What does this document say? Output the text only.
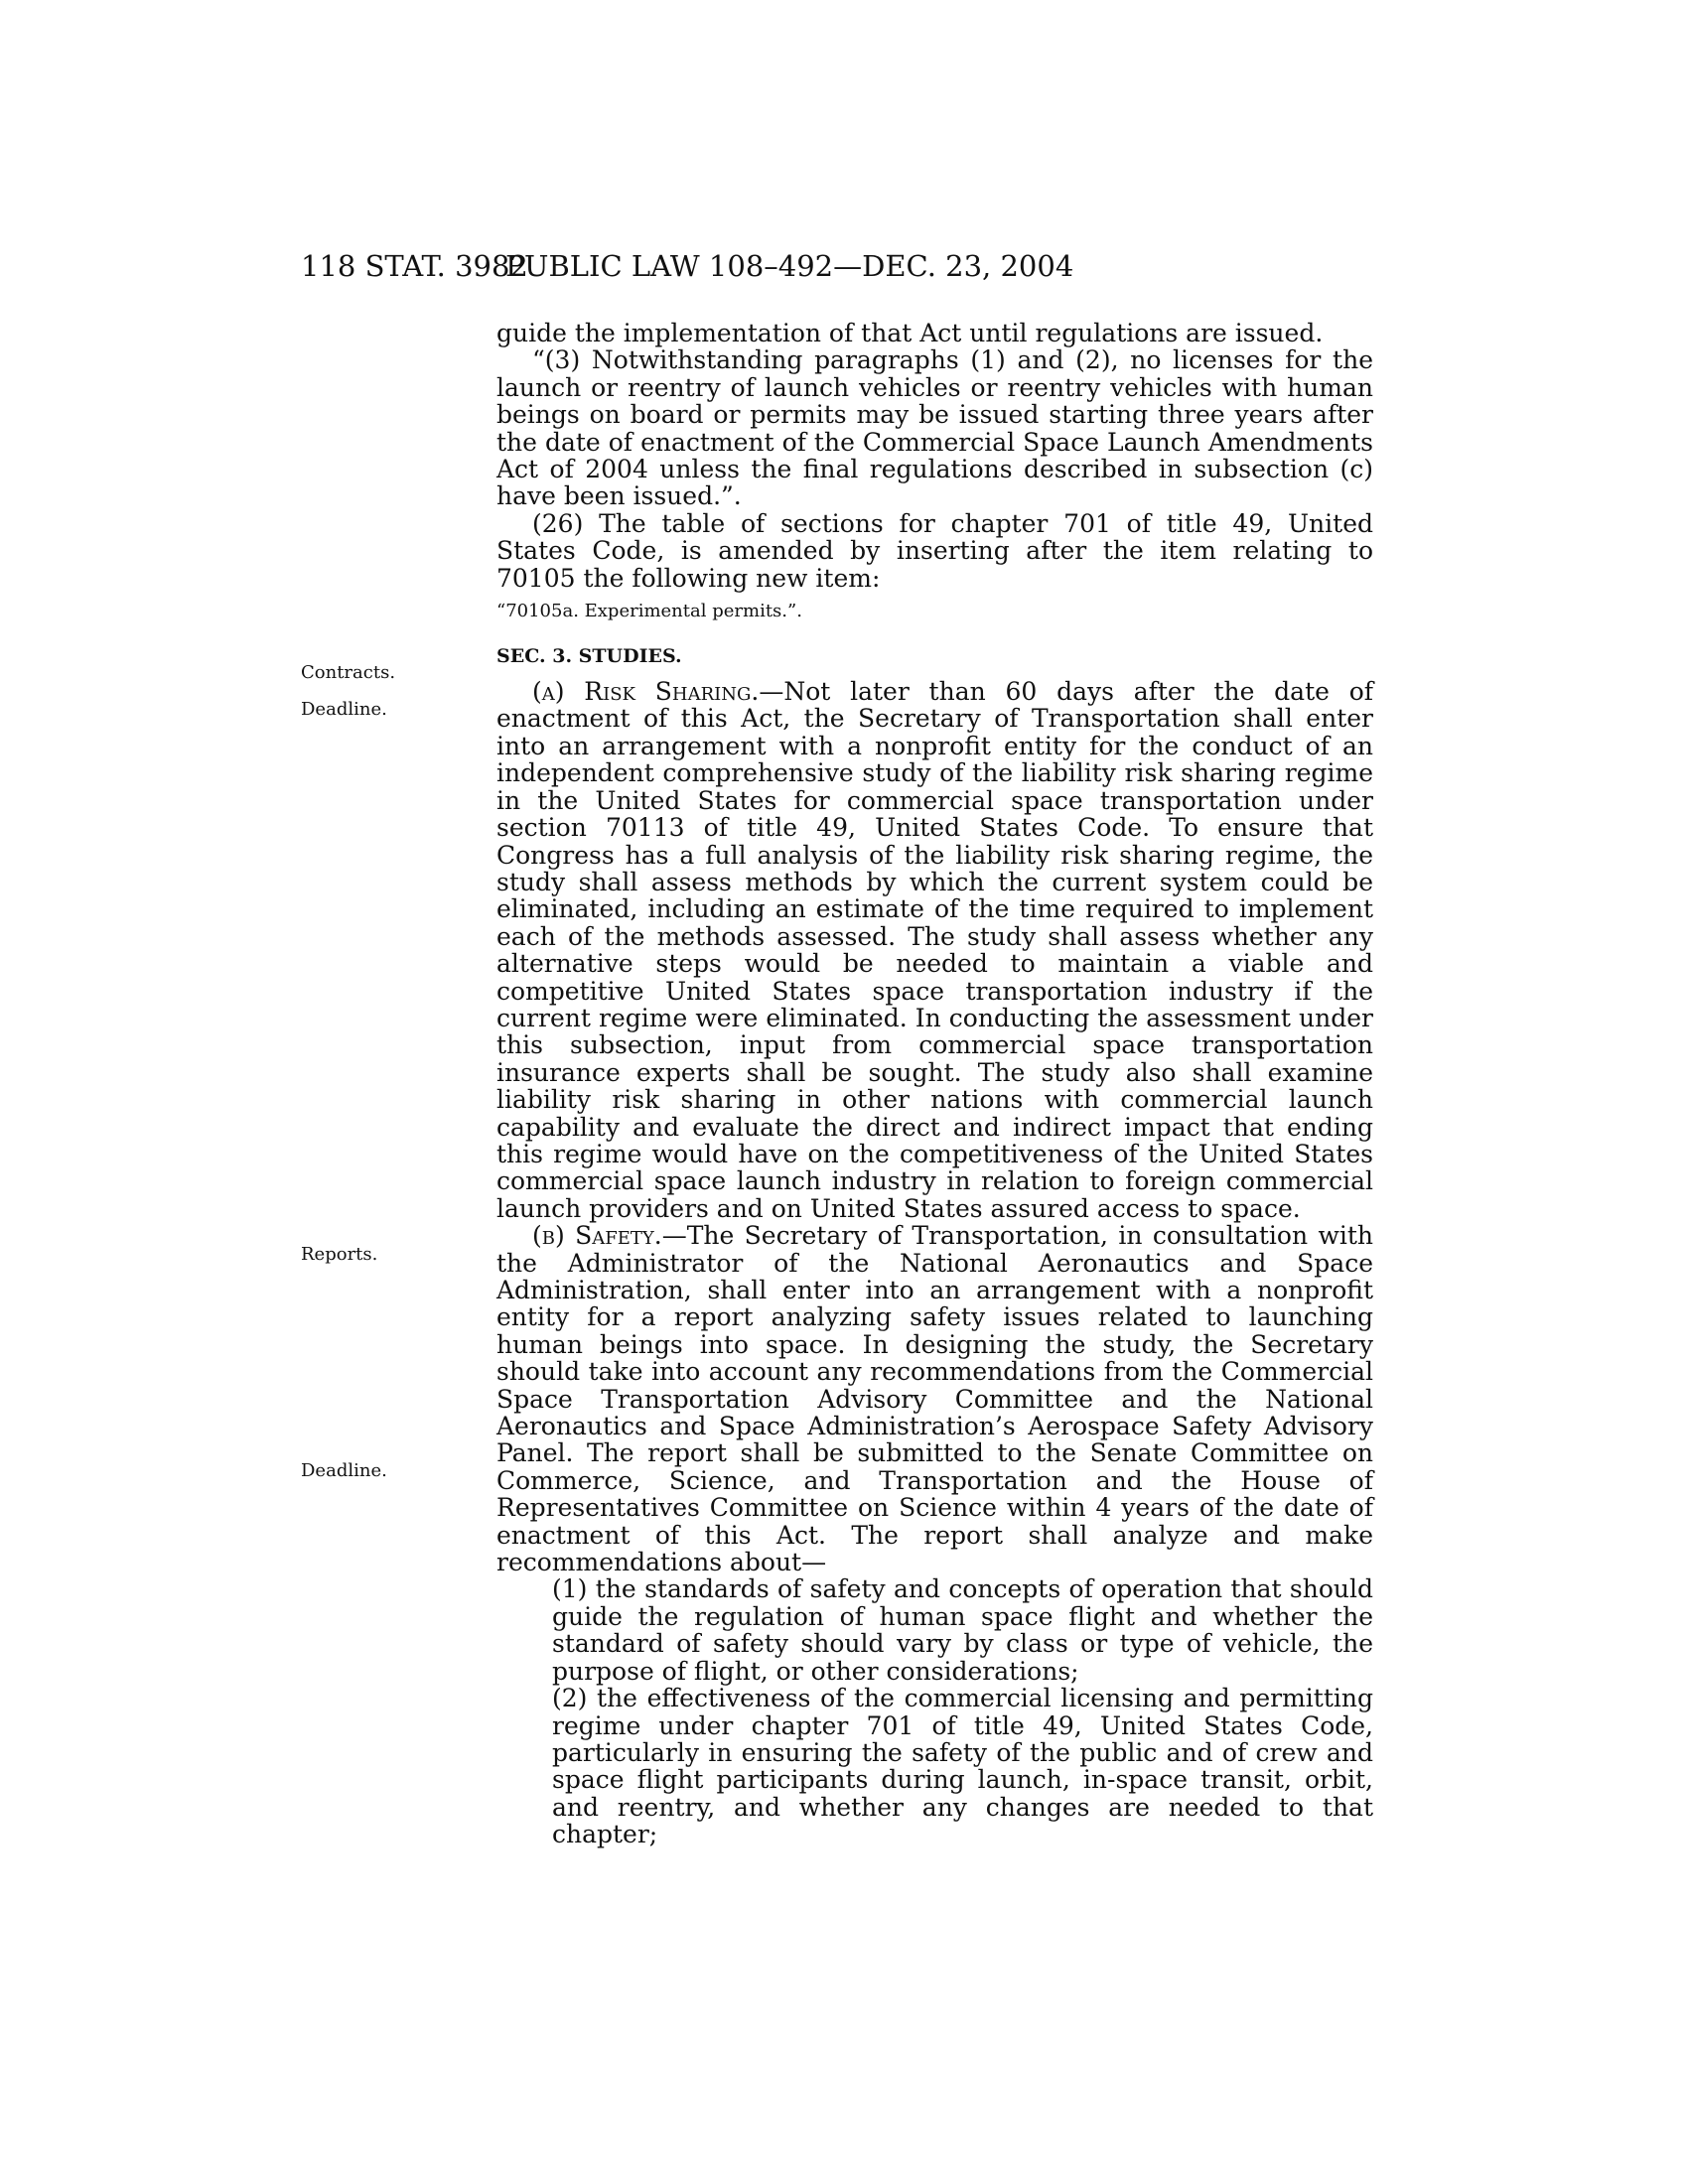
118 STAT. 3982
PUBLIC LAW 108–492—DEC. 23, 2004
Contracts.
Deadline.
Reports.
Deadline.

guide the implementation of that Act until regulations are issued.

“(3) Notwithstanding paragraphs (1) and (2), no licenses for the launch or reentry of launch vehicles or reentry vehicles with human beings on board or permits may be issued starting three years after the date of enactment of the Commercial Space Launch Amendments Act of 2004 unless the final regulations described in subsection (c) have been issued.”.

(26) The table of sections for chapter 701 of title 49, United States Code, is amended by inserting after the item relating to 70105 the following new item:

“70105a. Experimental permits.”.

SEC. 3. STUDIES.

(a) Risk Sharing.—Not later than 60 days after the date of enactment of this Act, the Secretary of Transportation shall enter into an arrangement with a nonprofit entity for the conduct of an independent comprehensive study of the liability risk sharing regime in the United States for commercial space transportation under section 70113 of title 49, United States Code. To ensure that Congress has a full analysis of the liability risk sharing regime, the study shall assess methods by which the current system could be eliminated, including an estimate of the time required to implement each of the methods assessed. The study shall assess whether any alternative steps would be needed to maintain a viable and competitive United States space transportation industry if the current regime were eliminated. In conducting the assessment under this subsection, input from commercial space transportation insurance experts shall be sought. The study also shall examine liability risk sharing in other nations with commercial launch capability and evaluate the direct and indirect impact that ending this regime would have on the competitiveness of the United States commercial space launch industry in relation to foreign commercial launch providers and on United States assured access to space.

(b) Safety.—The Secretary of Transportation, in consultation with the Administrator of the National Aeronautics and Space Administration, shall enter into an arrangement with a nonprofit entity for a report analyzing safety issues related to launching human beings into space. In designing the study, the Secretary should take into account any recommendations from the Commercial Space Transportation Advisory Committee and the National Aeronautics and Space Administration’s Aerospace Safety Advisory Panel. The report shall be submitted to the Senate Committee on Commerce, Science, and Transportation and the House of Representatives Committee on Science within 4 years of the date of enactment of this Act. The report shall analyze and make recommendations about—

(1) the standards of safety and concepts of operation that should guide the regulation of human space flight and whether the standard of safety should vary by class or type of vehicle, the purpose of flight, or other considerations;

(2) the effectiveness of the commercial licensing and permitting regime under chapter 701 of title 49, United States Code, particularly in ensuring the safety of the public and of crew and space flight participants during launch, in-space transit, orbit, and reentry, and whether any changes are needed to that chapter;
